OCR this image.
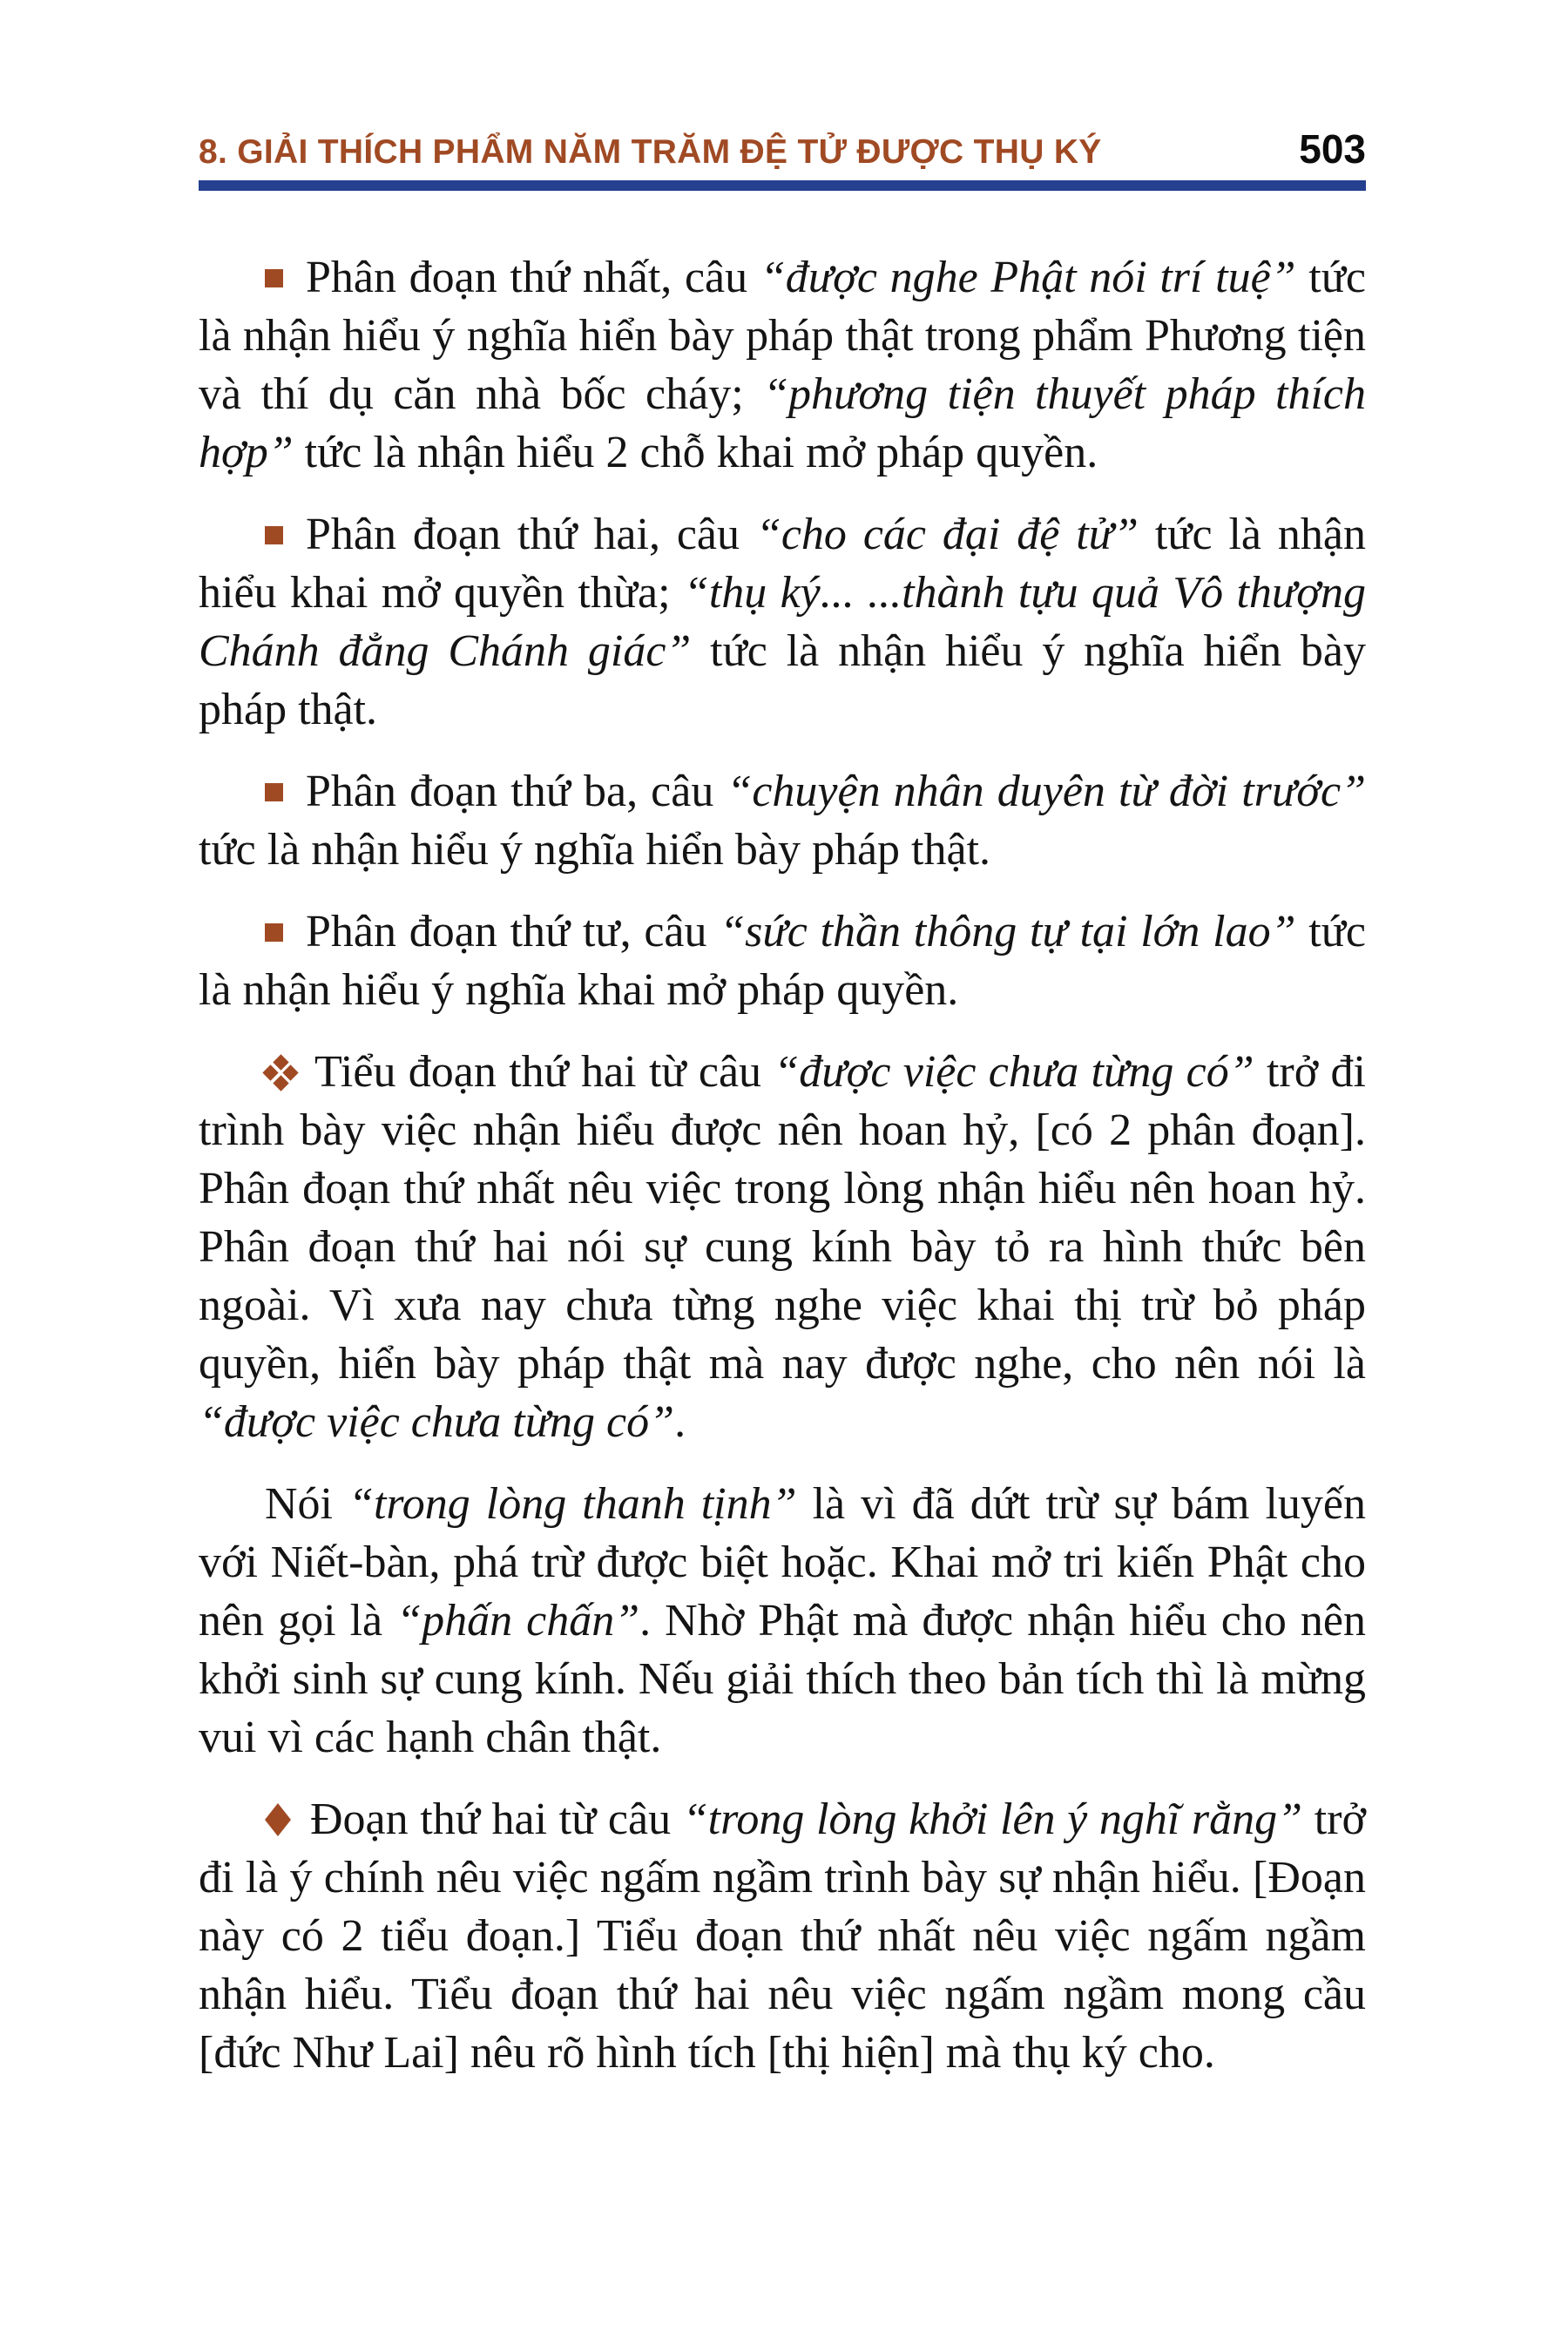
8. GIẢI THÍCH PHẨM NĂM TRĂM ĐỆ TỬ ĐƯỢC THỤ KÝ	503

Phân đoạn thứ nhất, câu “được nghe Phật nói trí tuệ” tức là nhận hiểu ý nghĩa hiển bày pháp thật trong phẩm Phương tiện và thí dụ căn nhà bốc cháy; “phương tiện thuyết pháp thích hợp” tức là nhận hiểu 2 chỗ khai mở pháp quyền.

Phân đoạn thứ hai, câu “cho các đại đệ tử” tức là nhận hiểu khai mở quyền thừa; “thụ ký... ...thành tựu quả Vô thượng Chánh đẳng Chánh giác” tức là nhận hiểu ý nghĩa hiển bày pháp thật.

Phân đoạn thứ ba, câu “chuyện nhân duyên từ đời trước” tức là nhận hiểu ý nghĩa hiển bày pháp thật.

Phân đoạn thứ tư, câu “sức thần thông tự tại lớn lao” tức là nhận hiểu ý nghĩa khai mở pháp quyền.

Tiểu đoạn thứ hai từ câu “được việc chưa từng có” trở đi trình bày việc nhận hiểu được nên hoan hỷ, [có 2 phân đoạn]. Phân đoạn thứ nhất nêu việc trong lòng nhận hiểu nên hoan hỷ. Phân đoạn thứ hai nói sự cung kính bày tỏ ra hình thức bên ngoài. Vì xưa nay chưa từng nghe việc khai thị trừ bỏ pháp quyền, hiển bày pháp thật mà nay được nghe, cho nên nói là “được việc chưa từng có”.

Nói “trong lòng thanh tịnh” là vì đã dứt trừ sự bám luyến với Niết-bàn, phá trừ được biệt hoặc. Khai mở tri kiến Phật cho nên gọi là “phấn chấn”. Nhờ Phật mà được nhận hiểu cho nên khởi sinh sự cung kính. Nếu giải thích theo bản tích thì là mừng vui vì các hạnh chân thật.

Đoạn thứ hai từ câu “trong lòng khởi lên ý nghĩ rằng” trở đi là ý chính nêu việc ngấm ngầm trình bày sự nhận hiểu. [Đoạn này có 2 tiểu đoạn.] Tiểu đoạn thứ nhất nêu việc ngấm ngầm nhận hiểu. Tiểu đoạn thứ hai nêu việc ngấm ngầm mong cầu [đức Như Lai] nêu rõ hình tích [thị hiện] mà thụ ký cho.
